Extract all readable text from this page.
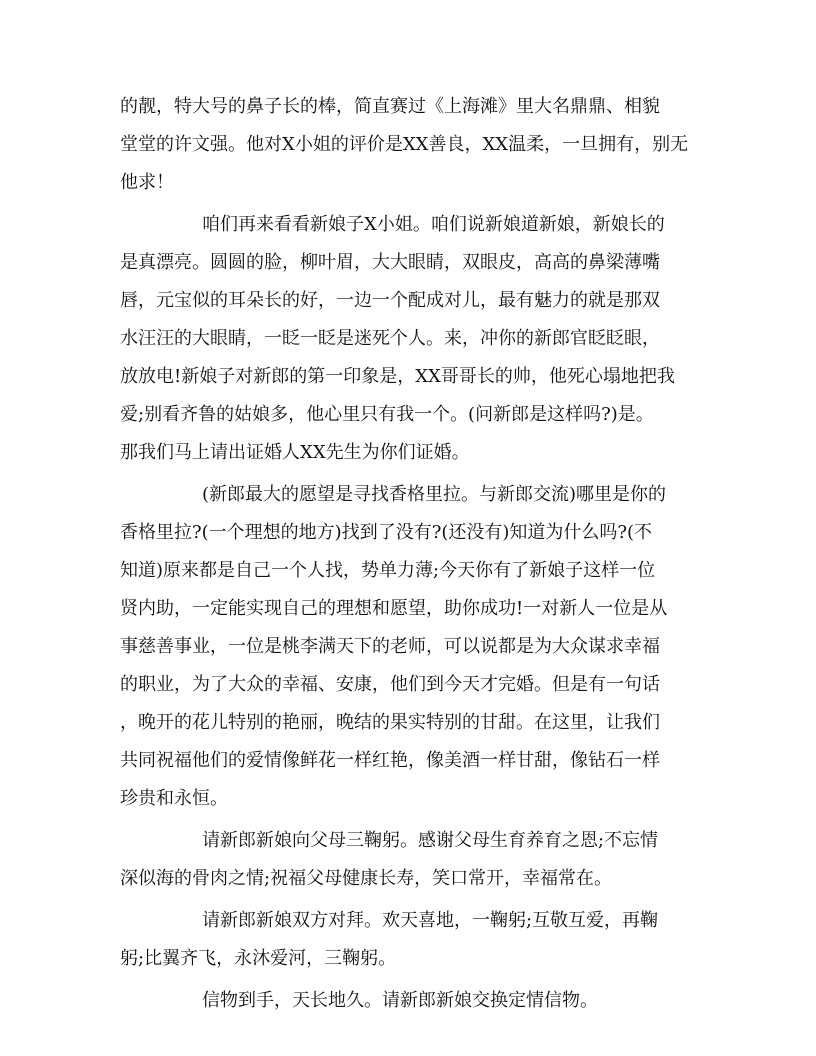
的靓，特大号的鼻子长的棒，简直赛过《上海滩》里大名鼎鼎、相貌
堂堂的许文强。他对X小姐的评价是XX善良，XX温柔，一旦拥有，别无
他求！
咱们再来看看新娘子X小姐。咱们说新娘道新娘，新娘长的
是真漂亮。圆圆的脸，柳叶眉，大大眼睛，双眼皮，高高的鼻梁薄嘴
唇，元宝似的耳朵长的好，一边一个配成对儿，最有魅力的就是那双
水汪汪的大眼睛，一眨一眨是迷死个人。来，冲你的新郎官眨眨眼，
放放电!新娘子对新郎的第一印象是，XX哥哥长的帅，他死心塌地把我
爱;别看齐鲁的姑娘多，他心里只有我一个。(问新郎是这样吗?)是。
那我们马上请出证婚人XX先生为你们证婚。
(新郎最大的愿望是寻找香格里拉。与新郎交流)哪里是你的
香格里拉?(一个理想的地方)找到了没有?(还没有)知道为什么吗?(不
知道)原来都是自己一个人找，势单力薄;今天你有了新娘子这样一位
贤内助，一定能实现自己的理想和愿望，助你成功!一对新人一位是从
事慈善事业，一位是桃李满天下的老师，可以说都是为大众谋求幸福
的职业，为了大众的幸福、安康，他们到今天才完婚。但是有一句话
，晚开的花儿特别的艳丽，晚结的果实特别的甘甜。在这里，让我们
共同祝福他们的爱情像鲜花一样红艳，像美酒一样甘甜，像钻石一样
珍贵和永恒。
请新郎新娘向父母三鞠躬。感谢父母生育养育之恩;不忘情
深似海的骨肉之情;祝福父母健康长寿，笑口常开，幸福常在。
请新郎新娘双方对拜。欢天喜地，一鞠躬;互敬互爱，再鞠
躬;比翼齐飞，永沐爱河，三鞠躬。
信物到手，天长地久。请新郎新娘交换定情信物。
